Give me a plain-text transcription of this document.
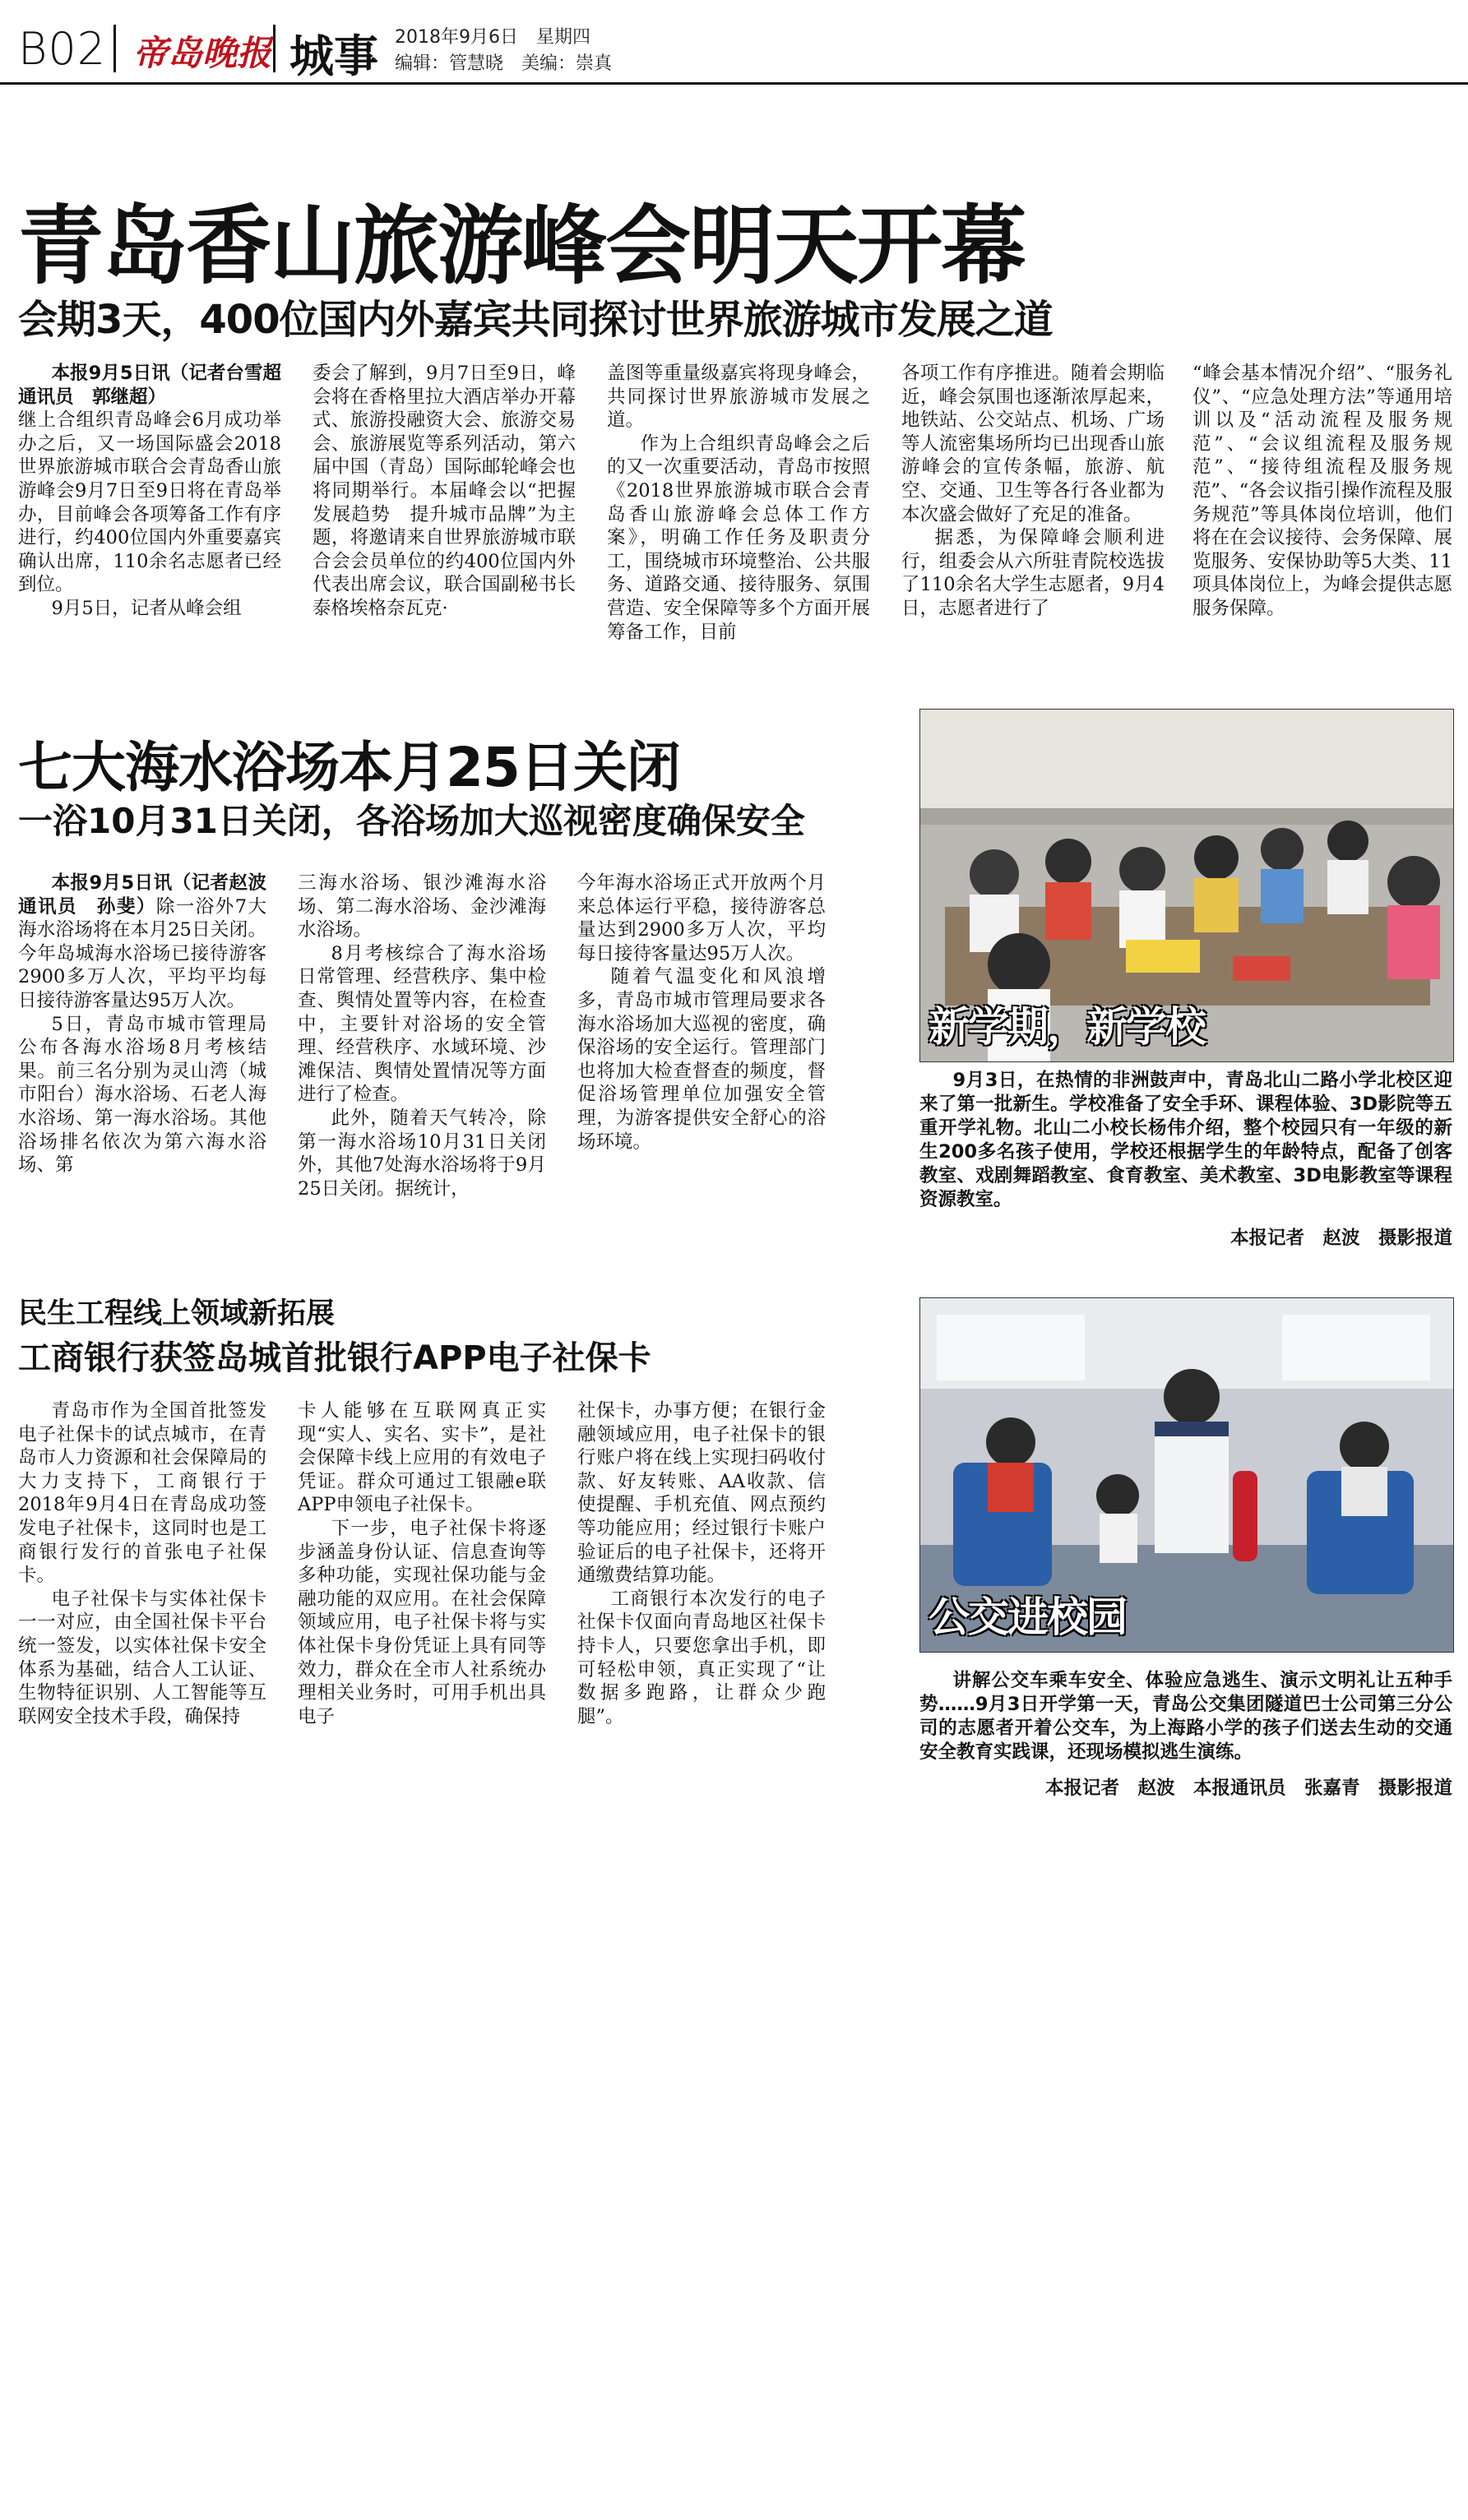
B02 帝岛晚报 城事 2018年9月6日　星期四
编辑：管慧晓　美编：崇真
青岛香山旅游峰会明天开幕
会期3天，400位国内外嘉宾共同探讨世界旅游城市发展之道

本报9月5日讯（记者台雪超　通讯员　郭继超）

继上合组织青岛峰会6月成功举办之后，又一场国际盛会2018世界旅游城市联合会青岛香山旅游峰会9月7日至9日将在青岛举办，目前峰会各项筹备工作有序进行，约400位国内外重要嘉宾确认出席，110余名志愿者已经到位。

9月5日，记者从峰会组

委会了解到，9月7日至9日，峰会将在香格里拉大酒店举办开幕式、旅游投融资大会、旅游交易会、旅游展览等系列活动，第六届中国（青岛）国际邮轮峰会也将同期举行。本届峰会以“把握发展趋势　提升城市品牌”为主题，将邀请来自世界旅游城市联合会会员单位的约400位国内外代表出席会议，联合国副秘书长泰格埃格奈瓦克·

盖图等重量级嘉宾将现身峰会，共同探讨世界旅游城市发展之道。

作为上合组织青岛峰会之后的又一次重要活动，青岛市按照《2018世界旅游城市联合会青岛香山旅游峰会总体工作方案》，明确工作任务及职责分工，围绕城市环境整治、公共服务、道路交通、接待服务、氛围营造、安全保障等多个方面开展筹备工作，目前

各项工作有序推进。随着会期临近，峰会氛围也逐渐浓厚起来，地铁站、公交站点、机场、广场等人流密集场所均已出现香山旅游峰会的宣传条幅，旅游、航空、交通、卫生等各行各业都为本次盛会做好了充足的准备。

据悉，为保障峰会顺利进行，组委会从六所驻青院校选拔了110余名大学生志愿者，9月4日，志愿者进行了

“峰会基本情况介绍”、“服务礼仪”、“应急处理方法”等通用培训以及“活动流程及服务规范”、“会议组流程及服务规范”、“接待组流程及服务规范”、“各会议指引操作流程及服务规范”等具体岗位培训，他们将在在会议接待、会务保障、展览服务、安保协助等5大类、11项具体岗位上，为峰会提供志愿服务保障。

七大海水浴场本月25日关闭
一浴10月31日关闭，各浴场加大巡视密度确保安全

本报9月5日讯（记者赵波　通讯员　孙斐）除一浴外7大海水浴场将在本月25日关闭。今年岛城海水浴场已接待游客2900多万人次，平均平均每日接待游客量达95万人次。

5日，青岛市城市管理局公布各海水浴场8月考核结果。前三名分别为灵山湾（城市阳台）海水浴场、石老人海水浴场、第一海水浴场。其他浴场排名依次为第六海水浴场、第

三海水浴场、银沙滩海水浴场、第二海水浴场、金沙滩海水浴场。

8月考核综合了海水浴场日常管理、经营秩序、集中检查、舆情处置等内容，在检查中，主要针对浴场的安全管理、经营秩序、水域环境、沙滩保洁、舆情处置情况等方面进行了检查。

此外，随着天气转冷，除第一海水浴场10月31日关闭外，其他7处海水浴场将于9月25日关闭。据统计，

今年海水浴场正式开放两个月来总体运行平稳，接待游客总量达到2900多万人次，平均每日接待客量达95万人次。

随着气温变化和风浪增多，青岛市城市管理局要求各海水浴场加大巡视的密度，确保浴场的安全运行。管理部门也将加大检查督查的频度，督促浴场管理单位加强安全管理，为游客提供安全舒心的浴场环境。

新学期，新学校
9月3日，在热情的非洲鼓声中，青岛北山二路小学北校区迎来了第一批新生。学校准备了安全手环、课程体验、3D影院等五重开学礼物。北山二小校长杨伟介绍，整个校园只有一年级的新生200多名孩子使用，学校还根据学生的年龄特点，配备了创客教室、戏剧舞蹈教室、食育教室、美术教室、3D电影教室等课程资源教室。
本报记者　赵波　摄影报道
民生工程线上领域新拓展
工商银行获签岛城首批银行APP电子社保卡

青岛市作为全国首批签发电子社保卡的试点城市，在青岛市人力资源和社会保障局的大力支持下，工商银行于2018年9月4日在青岛成功签发电子社保卡，这同时也是工商银行发行的首张电子社保卡。

电子社保卡与实体社保卡一一对应，由全国社保卡平台统一签发，以实体社保卡安全体系为基础，结合人工认证、生物特征识别、人工智能等互联网安全技术手段，确保持

卡人能够在互联网真正实现“实人、实名、实卡”，是社会保障卡线上应用的有效电子凭证。群众可通过工银融e联APP申领电子社保卡。

下一步，电子社保卡将逐步涵盖身份认证、信息查询等多种功能，实现社保功能与金融功能的双应用。在社会保障领域应用，电子社保卡将与实体社保卡身份凭证上具有同等效力，群众在全市人社系统办理相关业务时，可用手机出具电子

社保卡，办事方便；在银行金融领域应用，电子社保卡的银行账户将在线上实现扫码收付款、好友转账、AA收款、信使提醒、手机充值、网点预约等功能应用；经过银行卡账户验证后的电子社保卡，还将开通缴费结算功能。

工商银行本次发行的电子社保卡仅面向青岛地区社保卡持卡人，只要您拿出手机，即可轻松申领，真正实现了“让数据多跑路，让群众少跑腿”。

公交进校园
讲解公交车乘车安全、体验应急逃生、演示文明礼让五种手势……9月3日开学第一天，青岛公交集团隧道巴士公司第三分公司的志愿者开着公交车，为上海路小学的孩子们送去生动的交通安全教育实践课，还现场模拟逃生演练。
本报记者　赵波　本报通讯员　张嘉青　摄影报道
